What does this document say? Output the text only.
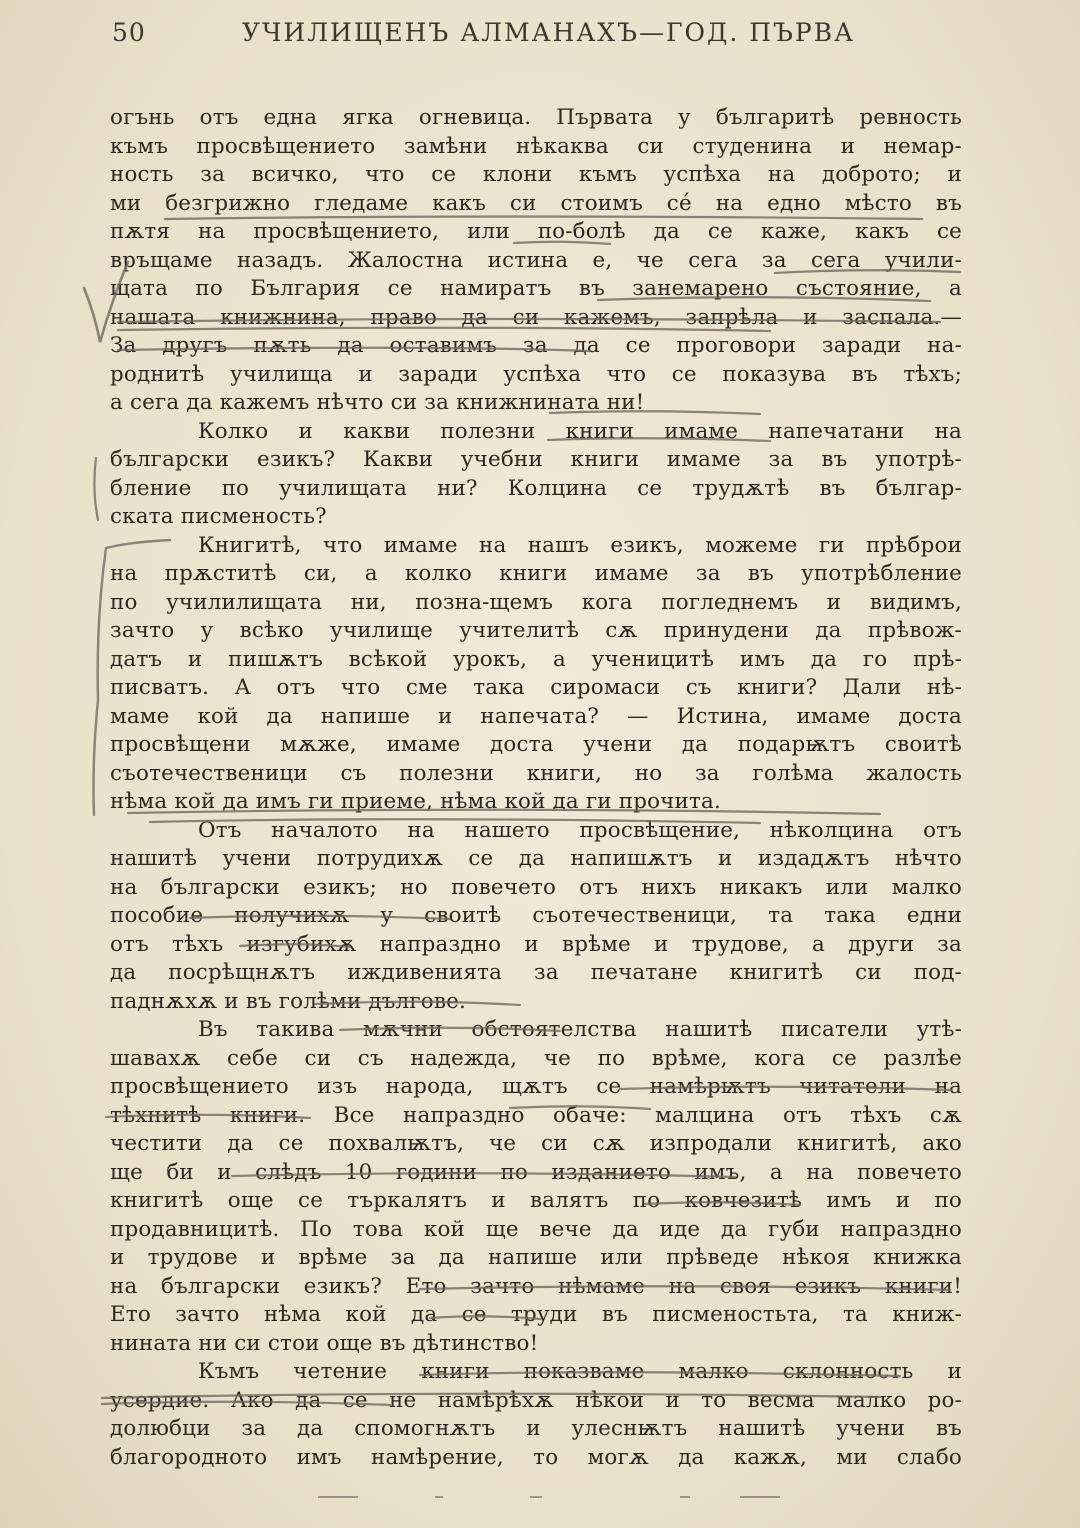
50	УЧИЛИЩЕНЪ АЛМАНАХЪ—ГОД. ПЪРВА
огънь отъ една ягка огневица. Първата у българитѣ ревность
къмъ просвѣщението замѣни нѣкаква си студенина и немар-
ность за всичко, что се клони къмъ успѣха на доброто; и
ми безгрижно гледаме какъ си стоимъ се́ на едно мѣсто въ
пѫтя на просвѣщението, или по-болѣ да се каже, какъ се
връщаме назадъ. Жалостна истина е, че сега за сега учили-
щата по България се намиратъ въ занемарено състояние, а
нашата книжнина, право да си кажемъ, запрѣла и заспала.—
За другъ пѫть да оставимъ за да се проговори заради на-
роднитѣ училища и заради успѣха что се показува въ тѣхъ;
а сега да кажемъ нѣчто си за книжнината ни!
Колко и какви полезни книги имаме напечатани на
български езикъ? Какви учебни книги имаме за въ употрѣ-
бление по училищата ни? Колцина се трудѫтѣ въ българ-
ската писменость?
Книгитѣ, что имаме на нашъ езикъ, можеме ги прѣброи
на прѫститѣ си, а колко книги имаме за въ употрѣбление
по училилищата ни, позна-щемъ кога погледнемъ и видимъ,
зачто у всѣко училище учителитѣ сѫ принудени да прѣвож-
датъ и пишѫтъ всѣкой урокъ, а ученицитѣ имъ да го прѣ-
писватъ. А отъ что сме така сиромаси съ книги? Дали нѣ-
маме кой да напише и напечата? — Истина, имаме доста
просвѣщени мѫже, имаме доста учени да подарѭтъ своитѣ
съотечественици съ полезни книги, но за голѣма жалость
нѣма кой да имъ ги приеме, нѣма кой да ги прочита.
Отъ началото на нашето просвѣщение, нѣколцина отъ
нашитѣ учени потрудихѫ се да напишѫтъ и издадѫтъ нѣчто
на български езикъ; но повечето отъ нихъ никакъ или малко
пособие получихѫ у своитѣ съотечественици, та така едни
отъ тѣхъ изгубихѫ напраздно и врѣме и трудове, а други за
да посрѣщнѫтъ иждивенията за печатане книгитѣ си под-
паднѫхѫ и въ голѣми дългове.
Въ такива мѫчни обстоятелства нашитѣ писатели утѣ-
шавахѫ себе си съ надежда, че по врѣме, кога се разлѣе
просвѣщението изъ народа, щѫтъ се намѣрѭтъ читатели на
тѣхнитѣ книги. Все напраздно обаче: малцина отъ тѣхъ сѫ
честити да се похвалѭтъ, че си сѫ изпродали книгитѣ, ако
ще би и слѣдъ 10 години по изданието имъ, а на повечето
книгитѣ още се търкалятъ и валятъ по ковчезитѣ имъ и по
продавницитѣ. По това кой ще вече да иде да губи напраздно
и трудове и врѣме за да напише или прѣведе нѣкоя книжка
на български езикъ? Ето зачто нѣмаме на своя езикъ книги!
Ето зачто нѣма кой да се труди въ писменостьта, та книж-
нината ни си стои още въ дѣтинство!
Къмъ четение книги показваме малко склонность и
усердие. Ако да се не намѣрѣхѫ нѣкои и то весма малко ро-
долюбци за да спомогнѫтъ и улеснѭтъ нашитѣ учени въ
благородното имъ намѣрение, то могѫ да кажѫ, ми слабо
